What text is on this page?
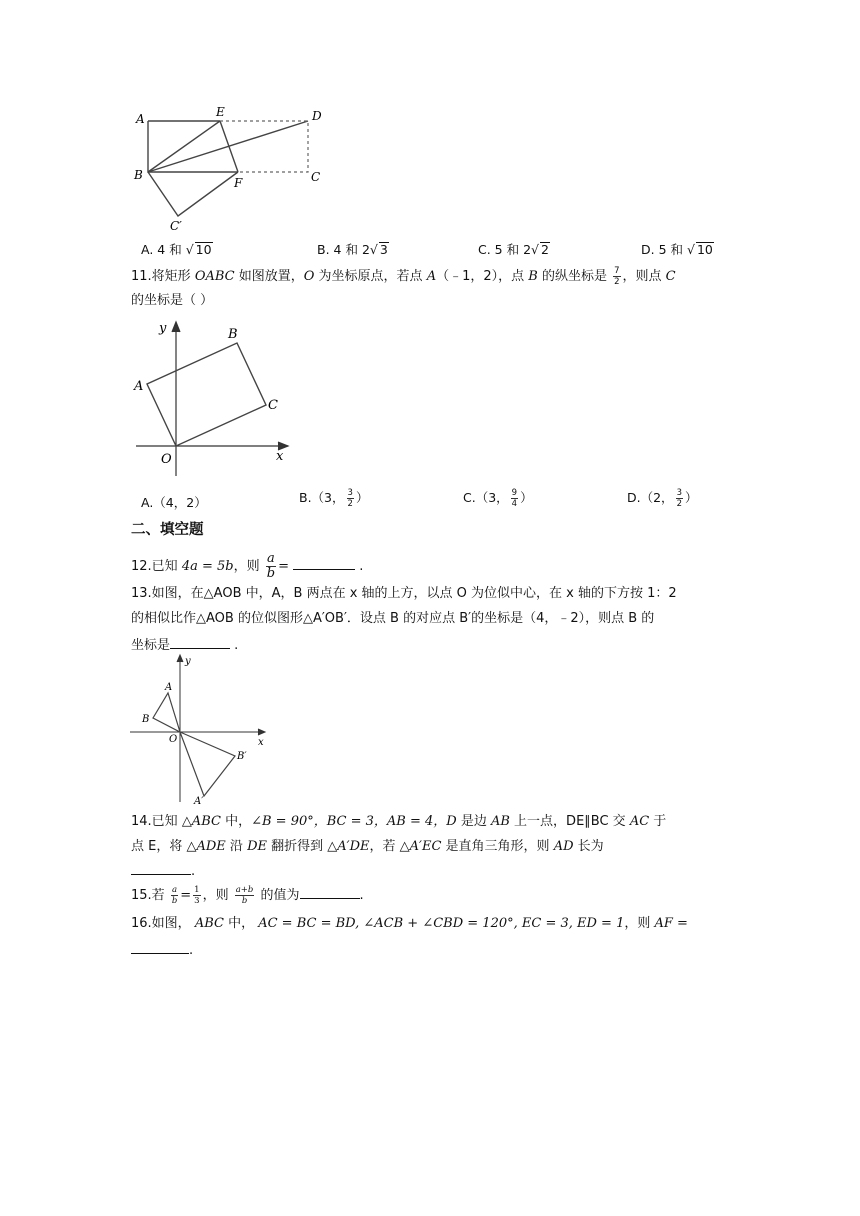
A	E	D
B
F	C
C′
A. 4 和 √ 10	B. 4 和 2√ 3	C. 5 和 2√ 2	D. 5 和 √ 10
11.将矩形 OABC 如图放置，O 为坐标原点，若点 A（﹣1，2），点 B 的纵坐标是 $\frac{7}{2}$ ，则点 C
的坐标是（ ）
y
x
O
A
B
C
A.（4，2）	B.（3， $\frac{3}{2}$ ）	C.（3， $\frac{9}{4}$ ）	D.（2， $\frac{3}{2}$ ）
二、填空题
12.已知 4a = 5b，则 $\frac{a}{b}$ =	.
13.如图，在△AOB 中，A，B 两点在 x 轴的上方，以点 O 为位似中心，在 x 轴的下方按 1：2
的相似比作△AOB 的位似图形△A′OB′．设点 B 的对应点 B′的坐标是（4，﹣2），则点 B 的
坐标是	.
y
x
O
A
B
B′
A′
14.已知 △ABC 中，∠B = 90°，BC = 3，AB = 4，D 是边 AB 上一点，DE∥BC 交 AC 于
点 E，将 △ADE 沿 DE 翻折得到 △A′DE，若 △A′EC 是直角三角形，则 AD 长为
.
15.若 $\frac{a}{b} = \frac{1}{3}$ ，则 $\frac{a+b}{b}$ 的值为	.
16.如图， ABC 中， AC = BC = BD, ∠ACB + ∠CBD = 120°, EC = 3, ED = 1，则 AF =
.
